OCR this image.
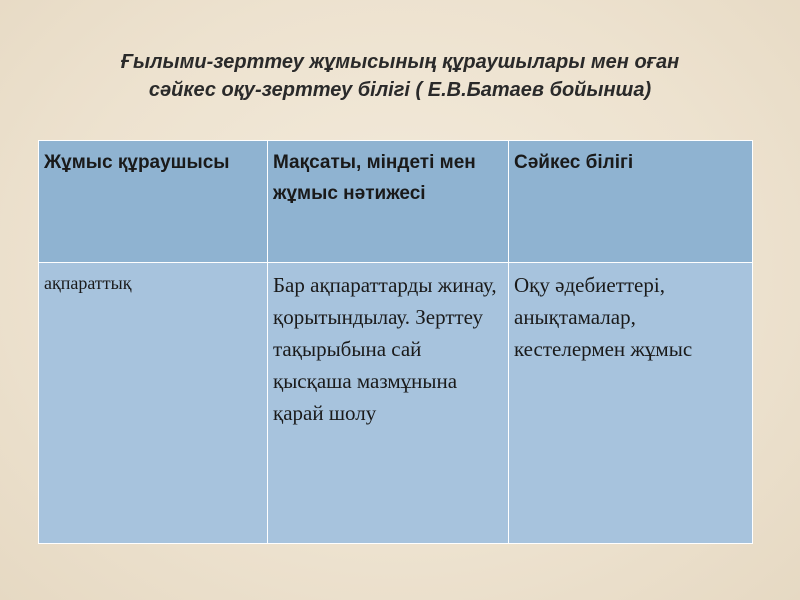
Ғылыми-зерттеу жұмысының құраушылары мен оған
сәйкес оқу-зерттеу білігі ( Е.В.Батаев бойынша)
Жұмыс құраушысы	Мақсаты, міндеті мен жұмыс нәтижесі	Сәйкес білігі
ақпараттық	Бар ақпараттарды жинау, қорытындылау. Зерттеу тақырыбына сай қысқаша мазмұнына қарай шолу	Оқу әдебиеттері, анықтамалар, кестелермен жұмыс
